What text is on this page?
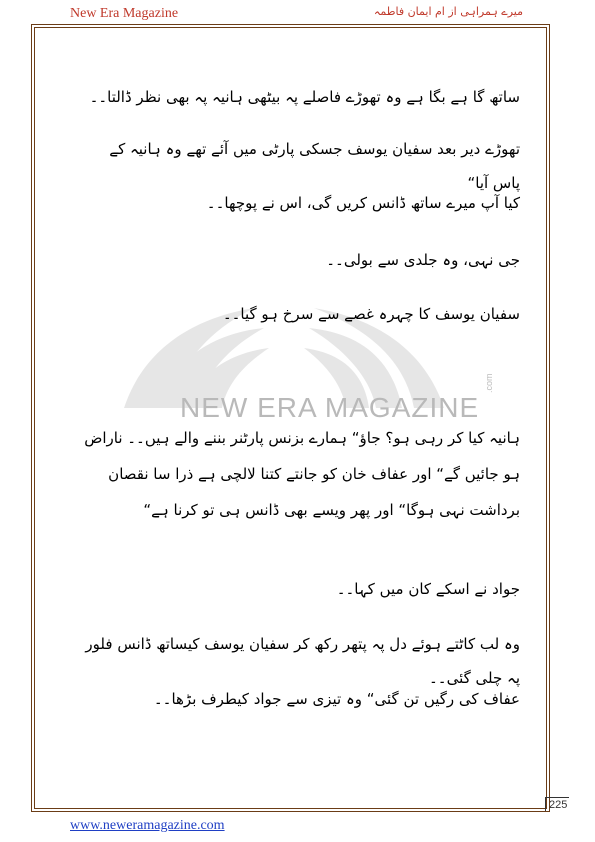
New Era Magazine	میرے ہمراہی از ام ایمان فاطمہ
NEW ERA MAGAZINE
.com
ساتھ گا ہے بگا ہے وہ تھوڑے فاصلے پہ بیٹھی ہانیہ پہ بھی نظر ڈالتا۔۔
تھوڑے دیر بعد سفیان یوسف جسکی پارٹی میں آئے تھے وہ ہانیہ کے پاس آیا“
کیا آپ میرے ساتھ ڈانس کریں گی، اس نے پوچھا۔۔
جی نہی، وہ جلدی سے بولی۔۔
سفیان یوسف کا چہرہ غصے سے سرخ ہو گیا۔۔
ہانیہ کیا کر رہی ہو؟ جاؤ“ ہمارے بزنس پارٹنر بننے والے ہیں۔۔ ناراض ہو جائیں گے“ اور عفاف خان کو جانتے کتنا لالچی ہے ذرا سا نقصان برداشت نہی ہوگا“ اور پھر ویسے بھی ڈانس ہی تو کرنا ہے“
جواد نے اسکے کان میں کہا۔۔
وہ لب کاٹتے ہوئے دل پہ پتھر رکھ کر سفیان یوسف کیساتھ ڈانس فلور پہ چلی گئی۔۔
عفاف کی رگیں تن گئی“ وہ تیزی سے جواد کیطرف بڑھا۔۔
225
www.neweramagazine.com
